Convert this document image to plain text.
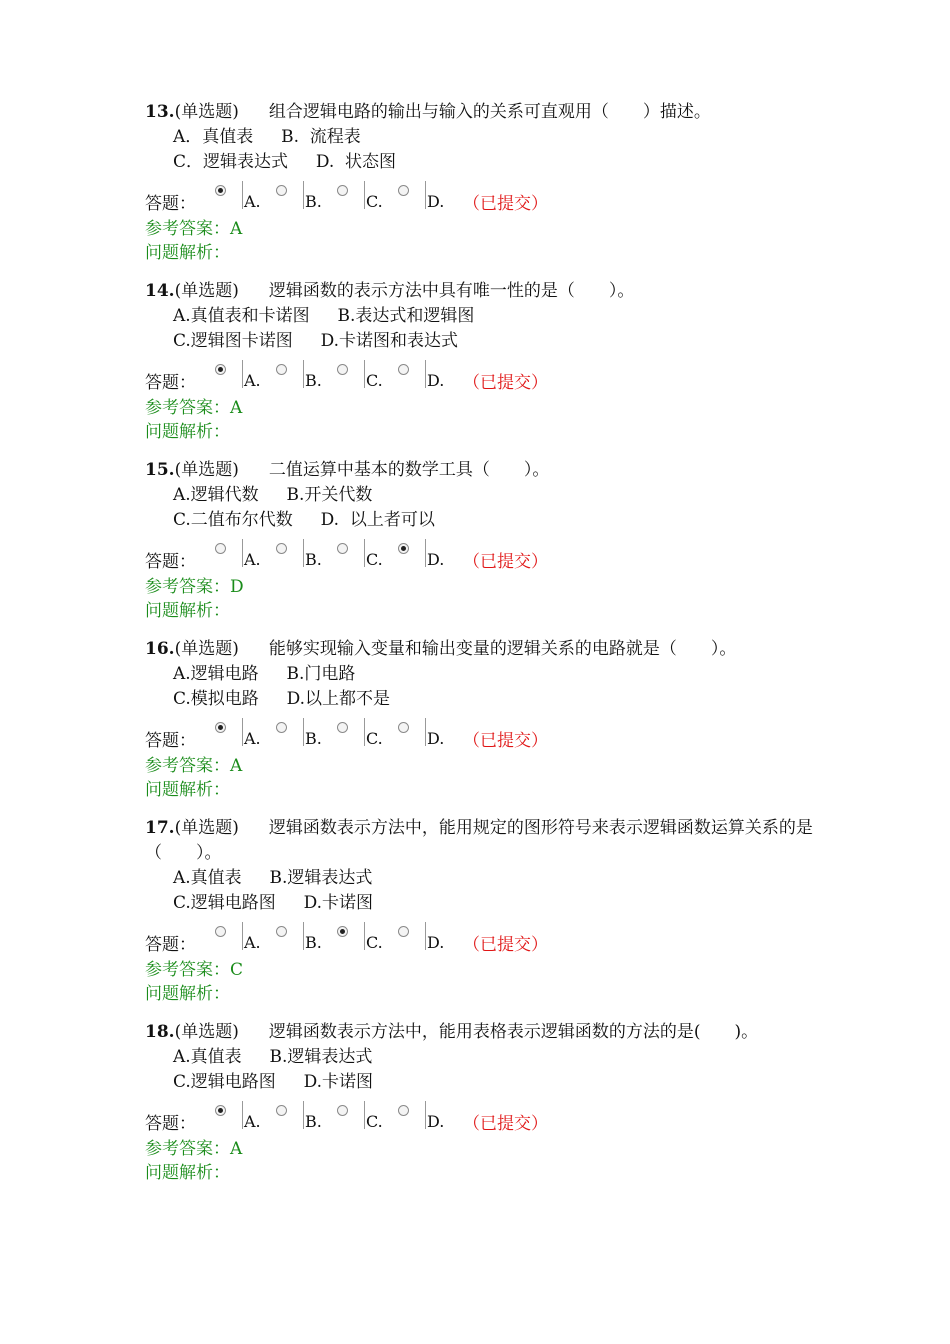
13.(单选题) 组合逻辑电路的输出与输入的关系可直观用（　　）描述。

A．真值表　  B.  流程表

C．逻辑表达式　  D.  状态图

答题：	A.	B.	C.	D. （已提交）

参考答案：A

问题解析：

14.(单选题) 逻辑函数的表示方法中具有唯一性的是（　　）。

A.真值表和卡诺图　  B.表达式和逻辑图

C.逻辑图卡诺图　  D.卡诺图和表达式

答题：	A.	B.	C.	D. （已提交）

参考答案：A

问题解析：

15.(单选题) 二值运算中基本的数学工具（　　）。

A.逻辑代数　  B.开关代数

C.二值布尔代数　  D.  以上者可以

答题：	A.	B.	C.	D. （已提交）

参考答案：D

问题解析：

16.(单选题) 能够实现输入变量和输出变量的逻辑关系的电路就是（　　）。

A.逻辑电路　  B.门电路

C.模拟电路　  D.以上都不是

答题：	A.	B.	C.	D. （已提交）

参考答案：A

问题解析：

17.(单选题) 逻辑函数表示方法中，能用规定的图形符号来表示逻辑函数运算关系的是（　　）。

A.真值表　  B.逻辑表达式

C.逻辑电路图　  D.卡诺图

答题：	A.	B.	C.	D. （已提交）

参考答案：C

问题解析：

18.(单选题) 逻辑函数表示方法中，能用表格表示逻辑函数的方法的是(　　)。

A.真值表　  B.逻辑表达式

C.逻辑电路图　  D.卡诺图

答题：	A.	B.	C.	D. （已提交）

参考答案：A

问题解析：
